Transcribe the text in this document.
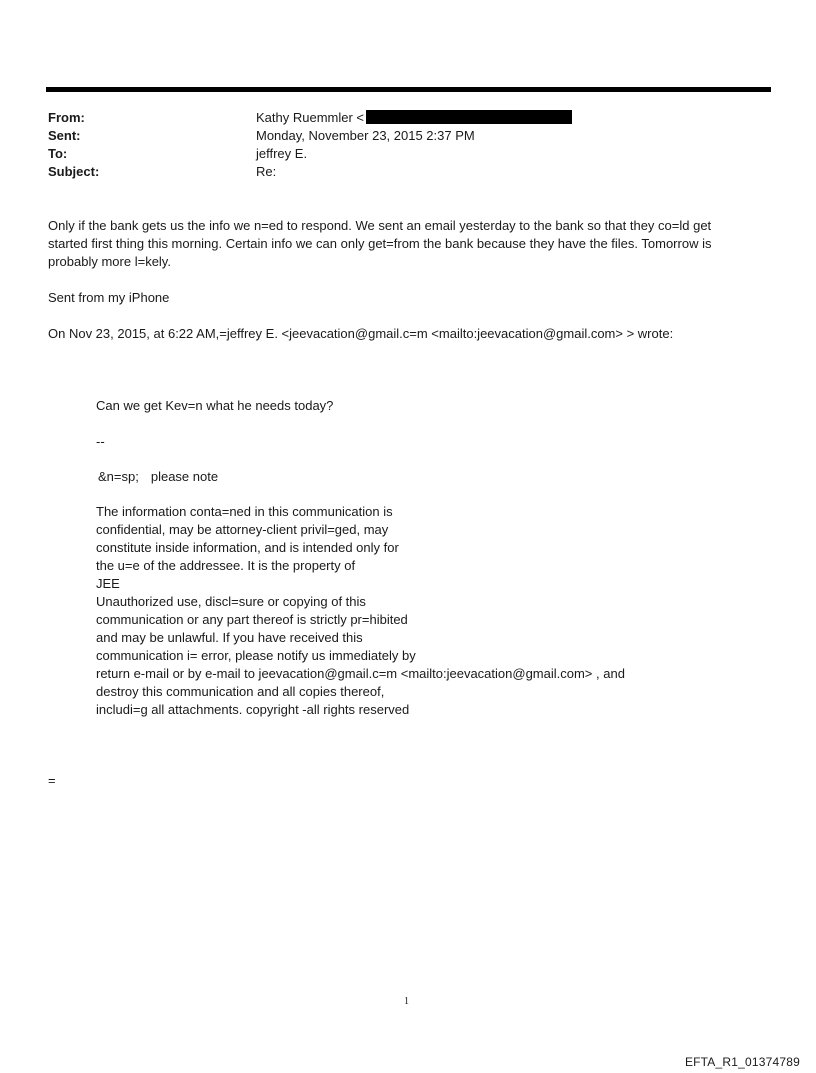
From:	Kathy Ruemmler <
Sent:	Monday, November 23, 2015 2:37 PM
To:	jeffrey E.
Subject:	Re:
Only if the bank gets us the info we n=ed to respond. We sent an email yesterday to the bank so that they co=ld get
started first thing this morning. Certain info we can only get=from the bank because they have the files. Tomorrow is
probably more l=kely.
Sent from my iPhone
On Nov 23, 2015, at 6:22 AM,=jeffrey E. <jeevacation@gmail.c=m <mailto:jeevacation@gmail.com> > wrote:
Can we get Kev=n what he needs today?
--
&n=sp; please note
The information conta=ned in this communication is
confidential, may be attorney-client privil=ged, may
constitute inside information, and is intended only for
the u=e of the addressee. It is the property of
JEE
Unauthorized use, discl=sure or copying of this
communication or any part thereof is strictly pr=hibited
and may be unlawful. If you have received this
communication i= error, please notify us immediately by
return e-mail or by e-mail to jeevacation@gmail.c=m <mailto:jeevacation@gmail.com> , and
destroy this communication and all copies thereof,
includi=g all attachments. copyright -all rights reserved
=
1
EFTA_R1_01374789
